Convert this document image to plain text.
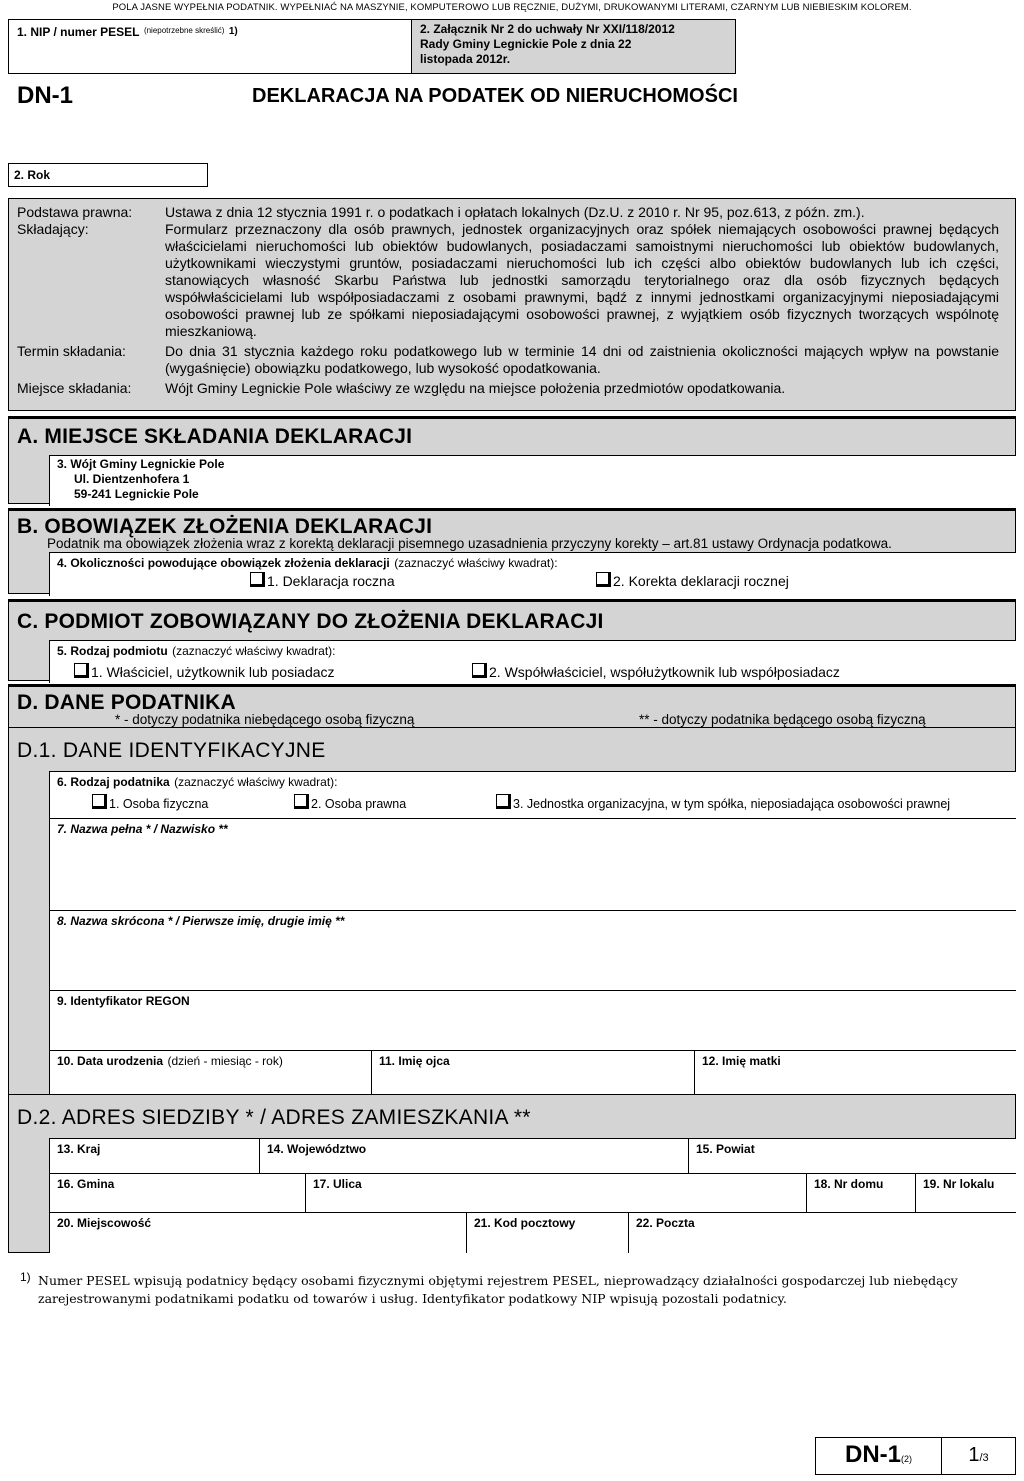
POLA JASNE WYPEŁNIA PODATNIK. WYPEŁNIAĆ NA MASZYNIE, KOMPUTEROWO LUB RĘCZNIE, DUŻYMI, DRUKOWANYMI LITERAMI, CZARNYM LUB NIEBIESKIM KOLOREM.
1. NIP / numer PESEL (niepotrzebne skreślić) 1)	2. Załącznik Nr 2 do uchwały Nr XXI/118/2012
Rady Gminy Legnickie Pole z dnia 22
listopada 2012r.
DN-1	DEKLARACJA NA PODATEK OD NIERUCHOMOŚCI
2. Rok
Podstawa prawna:	Ustawa z dnia 12 stycznia 1991 r. o podatkach i opłatach lokalnych (Dz.U. z 2010 r. Nr 95, poz.613, z późn. zm.).
Składający:	Formularz przeznaczony dla osób prawnych, jednostek organizacyjnych oraz spółek niemających osobowości prawnej będących właścicielami nieruchomości lub obiektów budowlanych, posiadaczami samoistnymi nieruchomości lub obiektów budowlanych, użytkownikami wieczystymi gruntów, posiadaczami nieruchomości lub ich części albo obiektów budowlanych lub ich części, stanowiących własność Skarbu Państwa lub jednostki samorządu terytorialnego oraz dla osób fizycznych będących współwłaścicielami lub współposiadaczami z osobami prawnymi, bądź z innymi jednostkami organizacyjnymi nieposiadającymi osobowości prawnej lub ze spółkami nieposiadającymi osobowości prawnej, z wyjątkiem osób fizycznych tworzących wspólnotę mieszkaniową.
Termin składania:	Do dnia 31 stycznia każdego roku podatkowego lub w terminie 14 dni od zaistnienia okoliczności mających wpływ na powstanie (wygaśnięcie) obowiązku podatkowego, lub wysokość opodatkowania.
Miejsce składania:	Wójt Gminy Legnickie Pole właściwy ze względu na miejsce położenia przedmiotów opodatkowania.
A. MIEJSCE SKŁADANIA DEKLARACJI
3. Wójt Gminy Legnickie Pole
Ul. Dientzenhofera 1
59-241 Legnickie Pole
B. OBOWIĄZEK ZŁOŻENIA DEKLARACJI
Podatnik ma obowiązek złożenia wraz z korektą deklaracji pisemnego uzasadnienia przyczyny korekty – art.81 ustawy Ordynacja podatkowa.
4. Okoliczności powodujące obowiązek złożenia deklaracji (zaznaczyć właściwy kwadrat):
1. Deklaracja roczna	2. Korekta deklaracji rocznej
C. PODMIOT ZOBOWIĄZANY DO ZŁOŻENIA DEKLARACJI
5. Rodzaj podmiotu (zaznaczyć właściwy kwadrat):
1. Właściciel, użytkownik lub posiadacz	2. Współwłaściciel, współużytkownik lub współposiadacz
D. DANE PODATNIKA
* - dotyczy podatnika niebędącego osobą fizyczną	** - dotyczy podatnika będącego osobą fizyczną
D.1. DANE IDENTYFIKACYJNE
6. Rodzaj podatnika (zaznaczyć właściwy kwadrat):
1. Osoba fizyczna	2. Osoba prawna	3. Jednostka organizacyjna, w tym spółka, nieposiadająca osobowości prawnej
7. Nazwa pełna * / Nazwisko **
8. Nazwa skrócona * / Pierwsze imię, drugie imię **
9. Identyfikator REGON
10. Data urodzenia (dzień - miesiąc - rok)	11. Imię ojca	12. Imię matki
D.2. ADRES SIEDZIBY * / ADRES ZAMIESZKANIA **
13. Kraj	14. Województwo	15. Powiat
16. Gmina	17. Ulica	18. Nr domu	19. Nr lokalu
20. Miejscowość	21. Kod pocztowy	22. Poczta
1) Numer PESEL wpisują podatnicy będący osobami fizycznymi objętymi rejestrem PESEL, nieprowadzący działalności gospodarczej lub niebędący zarejestrowanymi podatnikami podatku od towarów i usług. Identyfikator podatkowy NIP wpisują pozostali podatnicy.
DN-1(2)	1/3
